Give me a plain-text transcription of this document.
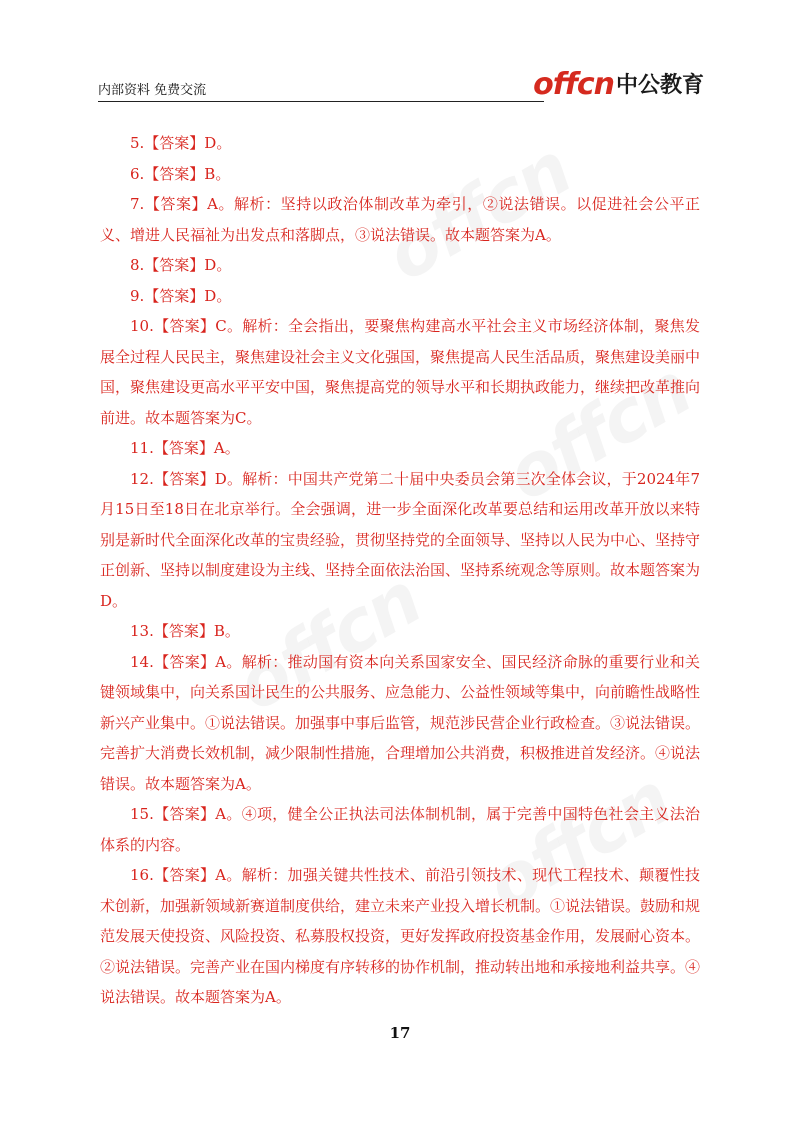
内部资料 免费交流	offcn 中公教育

5.【答案】D。

6.【答案】B。

7.【答案】A。解析：坚持以政治体制改革为牵引，②说法错误。以促进社会公平正义、增进人民福祉为出发点和落脚点，③说法错误。故本题答案为A。

8.【答案】D。

9.【答案】D。

10.【答案】C。解析：全会指出，要聚焦构建高水平社会主义市场经济体制，聚焦发展全过程人民民主，聚焦建设社会主义文化强国，聚焦提高人民生活品质，聚焦建设美丽中国，聚焦建设更高水平平安中国，聚焦提高党的领导水平和长期执政能力，继续把改革推向前进。故本题答案为C。

11.【答案】A。

12.【答案】D。解析：中国共产党第二十届中央委员会第三次全体会议，于2024年7月15日至18日在北京举行。全会强调，进一步全面深化改革要总结和运用改革开放以来特别是新时代全面深化改革的宝贵经验，贯彻坚持党的全面领导、坚持以人民为中心、坚持守正创新、坚持以制度建设为主线、坚持全面依法治国、坚持系统观念等原则。故本题答案为D。

13.【答案】B。

14.【答案】A。解析：推动国有资本向关系国家安全、国民经济命脉的重要行业和关键领域集中，向关系国计民生的公共服务、应急能力、公益性领域等集中，向前瞻性战略性新兴产业集中。①说法错误。加强事中事后监管，规范涉民营企业行政检查。③说法错误。完善扩大消费长效机制，减少限制性措施，合理增加公共消费，积极推进首发经济。④说法错误。故本题答案为A。

15.【答案】A。④项，健全公正执法司法体制机制，属于完善中国特色社会主义法治体系的内容。

16.【答案】A。解析：加强关键共性技术、前沿引领技术、现代工程技术、颠覆性技术创新，加强新领域新赛道制度供给，建立未来产业投入增长机制。①说法错误。鼓励和规范发展天使投资、风险投资、私募股权投资，更好发挥政府投资基金作用，发展耐心资本。②说法错误。完善产业在国内梯度有序转移的协作机制，推动转出地和承接地利益共享。④说法错误。故本题答案为A。

17
